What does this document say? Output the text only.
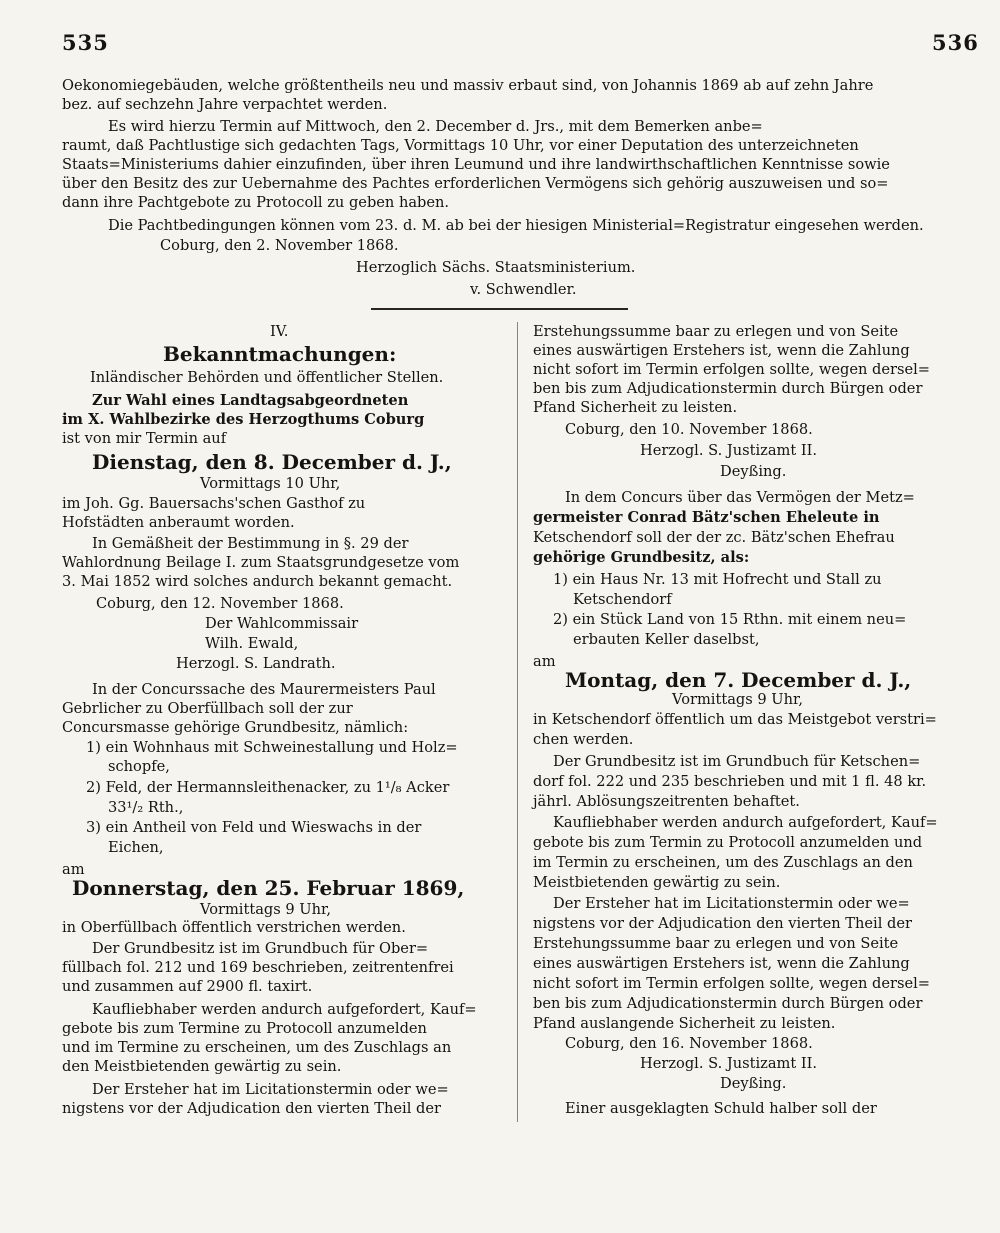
535	536
Oekonomiegebäuden, welche größtentheils neu und massiv erbaut sind, von Johannis 1869 ab auf zehn Jahre
bez. auf sechzehn Jahre verpachtet werden.
Es wird hierzu Termin auf Mittwoch, den 2. December d. Jrs., mit dem Bemerken anbe=
raumt, daß Pachtlustige sich gedachten Tags, Vormittags 10 Uhr, vor einer Deputation des unterzeichneten
Staats=Ministeriums dahier einzufinden, über ihren Leumund und ihre landwirthschaftlichen Kenntnisse sowie
über den Besitz des zur Uebernahme des Pachtes erforderlichen Vermögens sich gehörig auszuweisen und so=
dann ihre Pachtgebote zu Protocoll zu geben haben.
Die Pachtbedingungen können vom 23. d. M. ab bei der hiesigen Ministerial=Registratur eingesehen werden.
Coburg, den 2. November 1868.
Herzoglich Sächs. Staatsministerium.
v. Schwendler.
IV.
Bekanntmachungen:
Inländischer Behörden und öffentlicher Stellen.
Zur Wahl eines Landtagsabgeordneten
im X. Wahlbezirke des Herzogthums Coburg
ist von mir Termin auf
Dienstag, den 8. December d. J.,
Vormittags 10 Uhr,
im Joh. Gg. Bauersachs'schen Gasthof zu
Hofstädten anberaumt worden.
In Gemäßheit der Bestimmung in §. 29 der
Wahlordnung Beilage I. zum Staatsgrundgesetze vom
3. Mai 1852 wird solches andurch bekannt gemacht.
Coburg, den 12. November 1868.
Der Wahlcommissair
Wilh. Ewald,
Herzogl. S. Landrath.
In der Concurssache des Maurermeisters Paul
Gebrlicher zu Oberfüllbach soll der zur
Concursmasse gehörige Grundbesitz, nämlich:
1) ein Wohnhaus mit Schweinestallung und Holz=
schopfe,
2) Feld, der Hermannsleithenacker, zu 1¹/₈ Acker
33¹/₂ Rth.,
3) ein Antheil von Feld und Wieswachs in der
Eichen,
am
Donnerstag, den 25. Februar 1869,
Vormittags 9 Uhr,
in Oberfüllbach öffentlich verstrichen werden.
Der Grundbesitz ist im Grundbuch für Ober=
füllbach fol. 212 und 169 beschrieben, zeitrentenfrei
und zusammen auf 2900 fl. taxirt.
Kaufliebhaber werden andurch aufgefordert, Kauf=
gebote bis zum Termine zu Protocoll anzumelden
und im Termine zu erscheinen, um des Zuschlags an
den Meistbietenden gewärtig zu sein.
Der Ersteher hat im Licitationstermin oder we=
nigstens vor der Adjudication den vierten Theil der
Erstehungssumme baar zu erlegen und von Seite
eines auswärtigen Erstehers ist, wenn die Zahlung
nicht sofort im Termin erfolgen sollte, wegen dersel=
ben bis zum Adjudicationstermin durch Bürgen oder
Pfand Sicherheit zu leisten.
Coburg, den 10. November 1868.
Herzogl. S. Justizamt II.
Deyßing.
In dem Concurs über das Vermögen der Metz=
germeister Conrad Bätz'schen Eheleute in
Ketschendorf soll der der zc. Bätz'schen Ehefrau
gehörige Grundbesitz, als:
1) ein Haus Nr. 13 mit Hofrecht und Stall zu
Ketschendorf
2) ein Stück Land von 15 Rthn. mit einem neu=
erbauten Keller daselbst,
am
Montag, den 7. December d. J.,
Vormittags 9 Uhr,
in Ketschendorf öffentlich um das Meistgebot verstri=
chen werden.
Der Grundbesitz ist im Grundbuch für Ketschen=
dorf fol. 222 und 235 beschrieben und mit 1 fl. 48 kr.
jährl. Ablösungszeitrenten behaftet.
Kaufliebhaber werden andurch aufgefordert, Kauf=
gebote bis zum Termin zu Protocoll anzumelden und
im Termin zu erscheinen, um des Zuschlags an den
Meistbietenden gewärtig zu sein.
Der Ersteher hat im Licitationstermin oder we=
nigstens vor der Adjudication den vierten Theil der
Erstehungssumme baar zu erlegen und von Seite
eines auswärtigen Erstehers ist, wenn die Zahlung
nicht sofort im Termin erfolgen sollte, wegen dersel=
ben bis zum Adjudicationstermin durch Bürgen oder
Pfand auslangende Sicherheit zu leisten.
Coburg, den 16. November 1868.
Herzogl. S. Justizamt II.
Deyßing.
Einer ausgeklagten Schuld halber soll der
